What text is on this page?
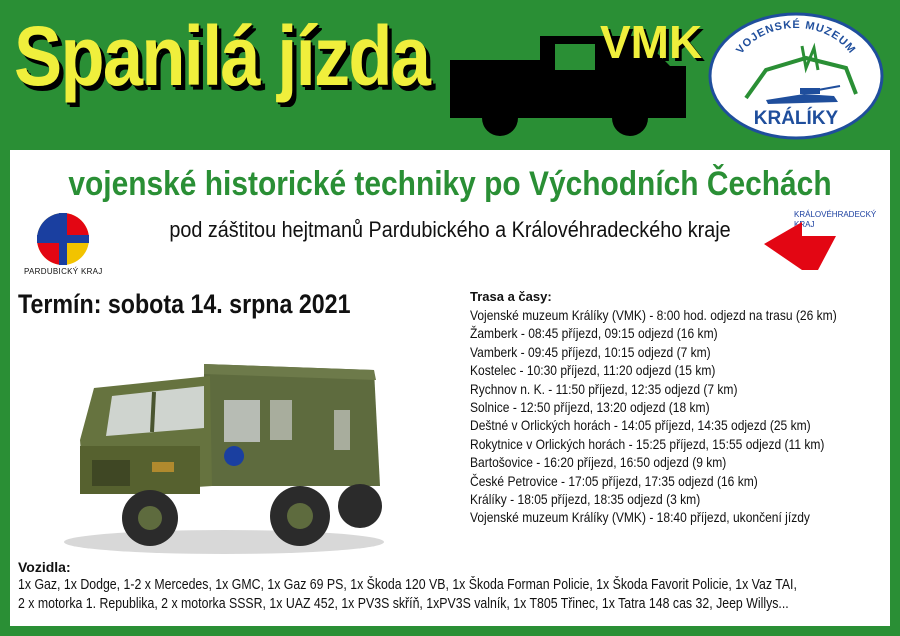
Spanilá jízda	VMK	VOJENSKÉ MUZEUM
KRÁLÍKY
vojenské historické techniky po Východních Čechách

pod záštitou hejtmanů Pardubického a Královéhradeckého kraje

PARDUBICKÝ KRAJ
KRÁLOVÉHRADECKÝ
KRAJ
Termín: sobota 14. srpna 2021	Trasa a časy:
Vojenské muzeum Králíky (VMK) - 8:00 hod. odjezd na trasu (26 km)
Žamberk - 08:45 příjezd, 09:15 odjezd (16 km)
Vamberk - 09:45 příjezd, 10:15 odjezd (7 km)
Kostelec - 10:30 příjezd, 11:20 odjezd (15 km)
Rychnov n. K. - 11:50 příjezd, 12:35 odjezd (7 km)
Solnice - 12:50 příjezd, 13:20 odjezd (18 km)
Deštné v Orlických horách - 14:05 příjezd, 14:35 odjezd (25 km)
Rokytnice v Orlických horách - 15:25 příjezd, 15:55 odjezd (11 km)
Bartošovice - 16:20 příjezd, 16:50 odjezd (9 km)
České Petrovice - 17:05 příjezd, 17:35 odjezd (16 km)
Králíky - 18:05 příjezd, 18:35 odjezd (3 km)
Vojenské muzeum Králíky (VMK) - 18:40 příjezd, ukončení jízdy
Vozidla:
1x Gaz, 1x Dodge, 1-2 x Mercedes, 1x GMC, 1x Gaz 69 PS, 1x Škoda 120 VB, 1x Škoda Forman Policie, 1x Škoda Favorit Policie, 1x Vaz TAI,
2 x motorka 1. Republika, 2 x motorka SSSR, 1x UAZ 452, 1x PV3S skříň, 1xPV3S valník, 1x T805 Třinec, 1x Tatra 148 cas 32, Jeep Willys...
